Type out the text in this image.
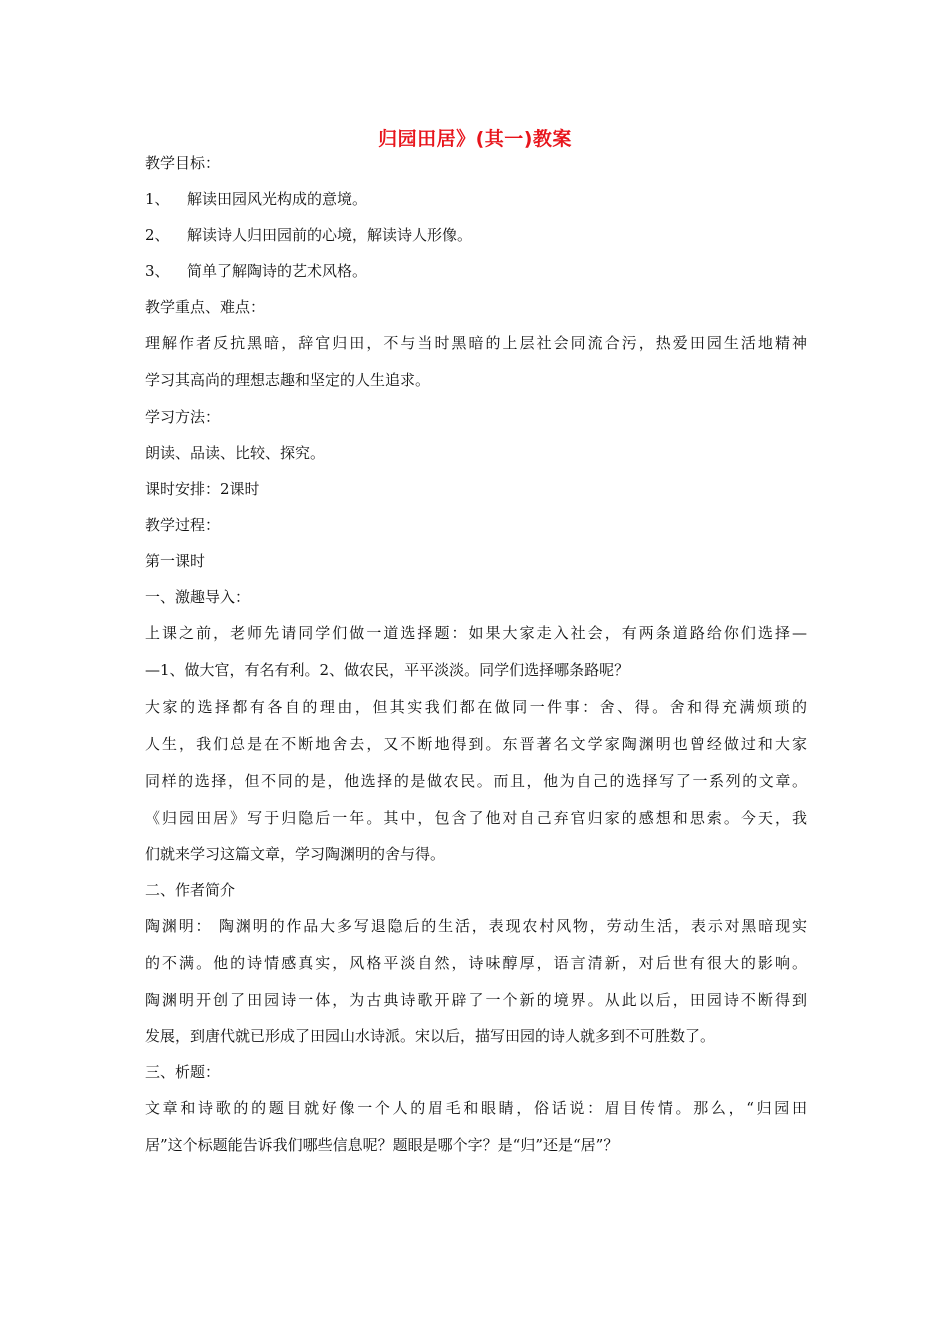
归园田居》(其一)教案
教学目标：
1、 解读田园风光构成的意境。
2、 解读诗人归田园前的心境，解读诗人形像。
3、 简单了解陶诗的艺术风格。
教学重点、难点：
理解作者反抗黑暗，辞官归田，不与当时黑暗的上层社会同流合污，热爱田园生活地精神
学习其高尚的理想志趣和坚定的人生追求。
学习方法：
朗读、品读、比较、探究。
课时安排：2课时
教学过程：
第一课时
一、激趣导入：
上课之前，老师先请同学们做一道选择题：如果大家走入社会，有两条道路给你们选择—
—1、做大官，有名有利。2、做农民，平平淡淡。同学们选择哪条路呢？
大家的选择都有各自的理由，但其实我们都在做同一件事：舍、得。舍和得充满烦琐的
人生，我们总是在不断地舍去，又不断地得到。东晋著名文学家陶渊明也曾经做过和大家
同样的选择，但不同的是，他选择的是做农民。而且，他为自己的选择写了一系列的文章。
《归园田居》写于归隐后一年。其中，包含了他对自己弃官归家的感想和思索。今天，我
们就来学习这篇文章，学习陶渊明的舍与得。
二、作者简介
陶渊明： 陶渊明的作品大多写退隐后的生活，表现农村风物，劳动生活，表示对黑暗现实
的不满。他的诗情感真实，风格平淡自然，诗味醇厚，语言清新，对后世有很大的影响。
陶渊明开创了田园诗一体，为古典诗歌开辟了一个新的境界。从此以后，田园诗不断得到
发展，到唐代就已形成了田园山水诗派。宋以后，描写田园的诗人就多到不可胜数了。
三、析题：
文章和诗歌的的题目就好像一个人的眉毛和眼睛，俗话说：眉目传情。那么，“归园田
居”这个标题能告诉我们哪些信息呢？题眼是哪个字？是“归”还是“居”？
